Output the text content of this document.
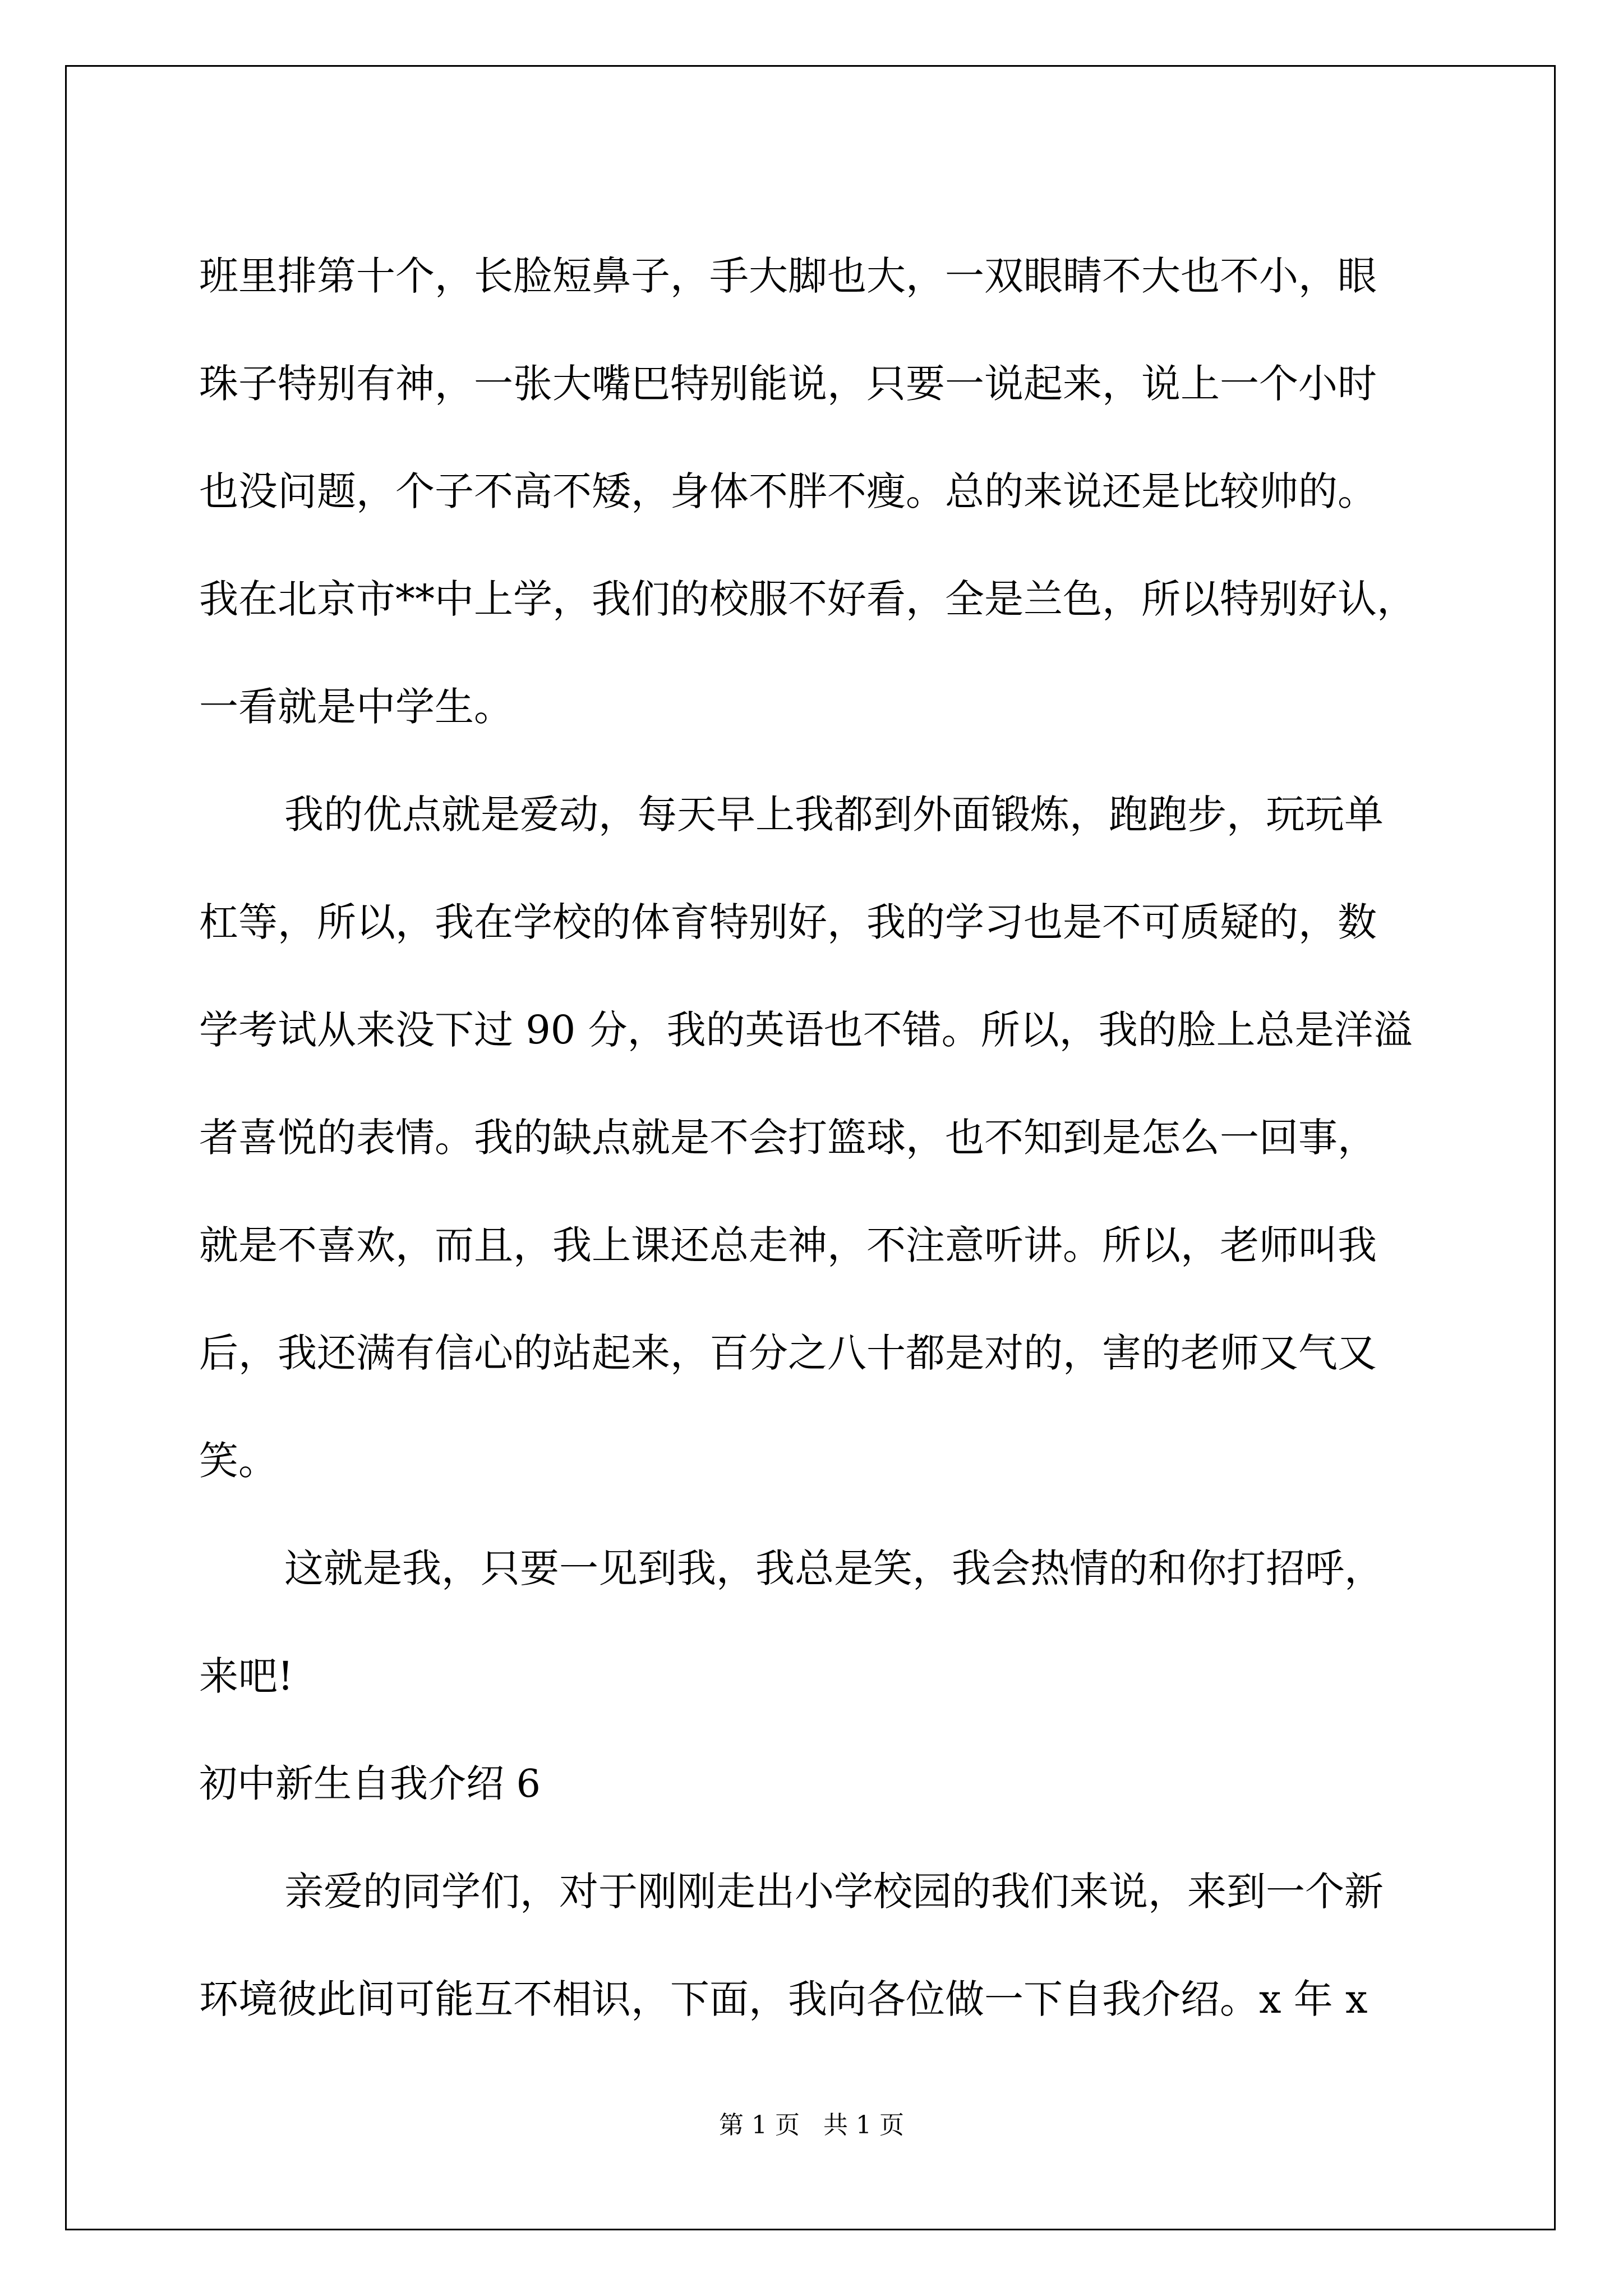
班里排第十个，长脸短鼻子，手大脚也大，一双眼睛不大也不小，眼
珠子特别有神，一张大嘴巴特别能说，只要一说起来，说上一个小时
也没问题，个子不高不矮，身体不胖不瘦。总的来说还是比较帅的。
我在北京市**中上学，我们的校服不好看，全是兰色，所以特别好认，
一看就是中学生。
我的优点就是爱动，每天早上我都到外面锻炼，跑跑步，玩玩单
杠等，所以，我在学校的体育特别好，我的学习也是不可质疑的，数
学考试从来没下过 90 分，我的英语也不错。所以，我的脸上总是洋溢
者喜悦的表情。我的缺点就是不会打篮球，也不知到是怎么一回事，
就是不喜欢，而且，我上课还总走神，不注意听讲。所以，老师叫我
后，我还满有信心的站起来，百分之八十都是对的，害的老师又气又
笑。
这就是我，只要一见到我，我总是笑，我会热情的和你打招呼，
来吧!
初中新生自我介绍 6
亲爱的同学们，对于刚刚走出小学校园的我们来说，来到一个新
环境彼此间可能互不相识，下面，我向各位做一下自我介绍。x 年 x
第 1 页   共 1 页
